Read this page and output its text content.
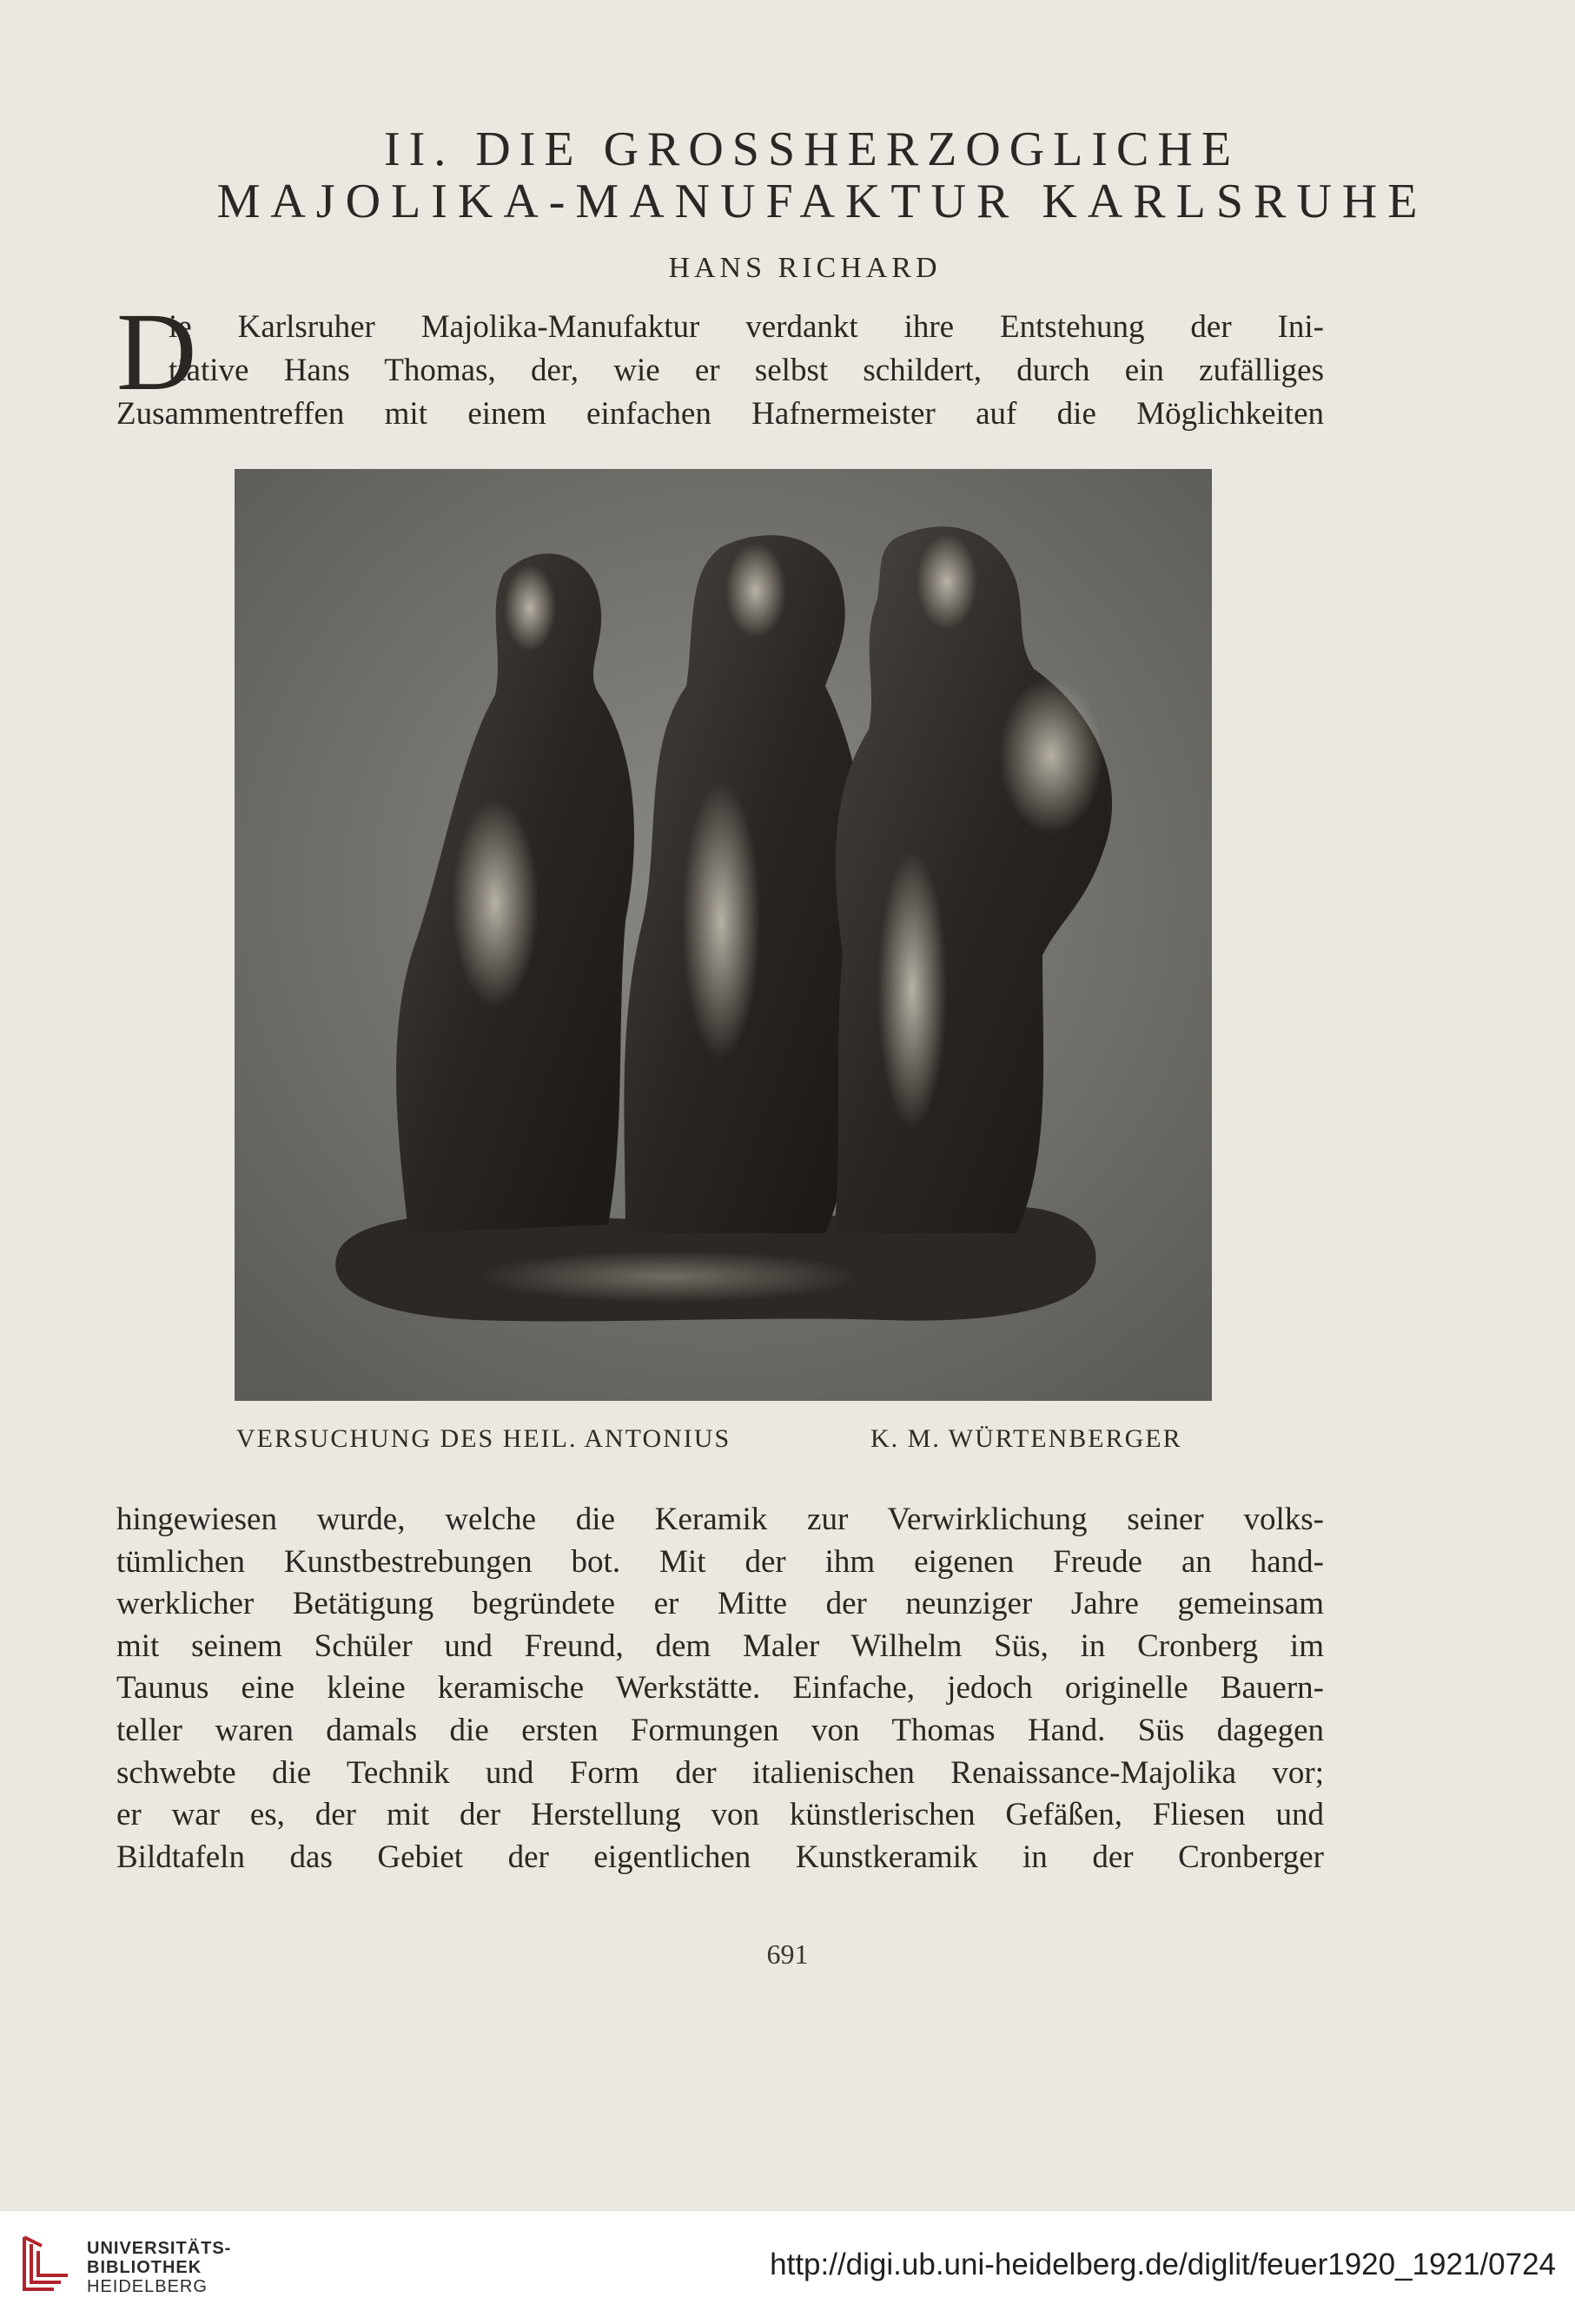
II. DIE GROSSHERZOGLICHE
MAJOLIKA-MANUFAKTUR KARLSRUHE
HANS RICHARD
D
ie Karlsruher Majolika-Manufaktur verdankt ihre Entstehung der Ini-
tiative Hans Thomas, der, wie er selbst schildert, durch ein zufälliges
Zusammentreffen mit einem einfachen Hafnermeister auf die Möglichkeiten
VERSUCHUNG DES HEIL. ANTONIUS	K. M. WÜRTENBERGER
hingewiesen wurde, welche die Keramik zur Verwirklichung seiner volks-
tümlichen Kunstbestrebungen bot. Mit der ihm eigenen Freude an hand-
werklicher Betätigung begründete er Mitte der neunziger Jahre gemeinsam
mit seinem Schüler und Freund, dem Maler Wilhelm Süs, in Cronberg im
Taunus eine kleine keramische Werkstätte. Einfache, jedoch originelle Bauern-
teller waren damals die ersten Formungen von Thomas Hand. Süs dagegen
schwebte die Technik und Form der italienischen Renaissance-Majolika vor;
er war es, der mit der Herstellung von künstlerischen Gefäßen, Fliesen und
Bildtafeln das Gebiet der eigentlichen Kunstkeramik in der Cronberger
691
UNIVERSITÄTS-
BIBLIOTHEK
HEIDELBERG
http://digi.ub.uni-heidelberg.de/diglit/feuer1920_1921/0724
